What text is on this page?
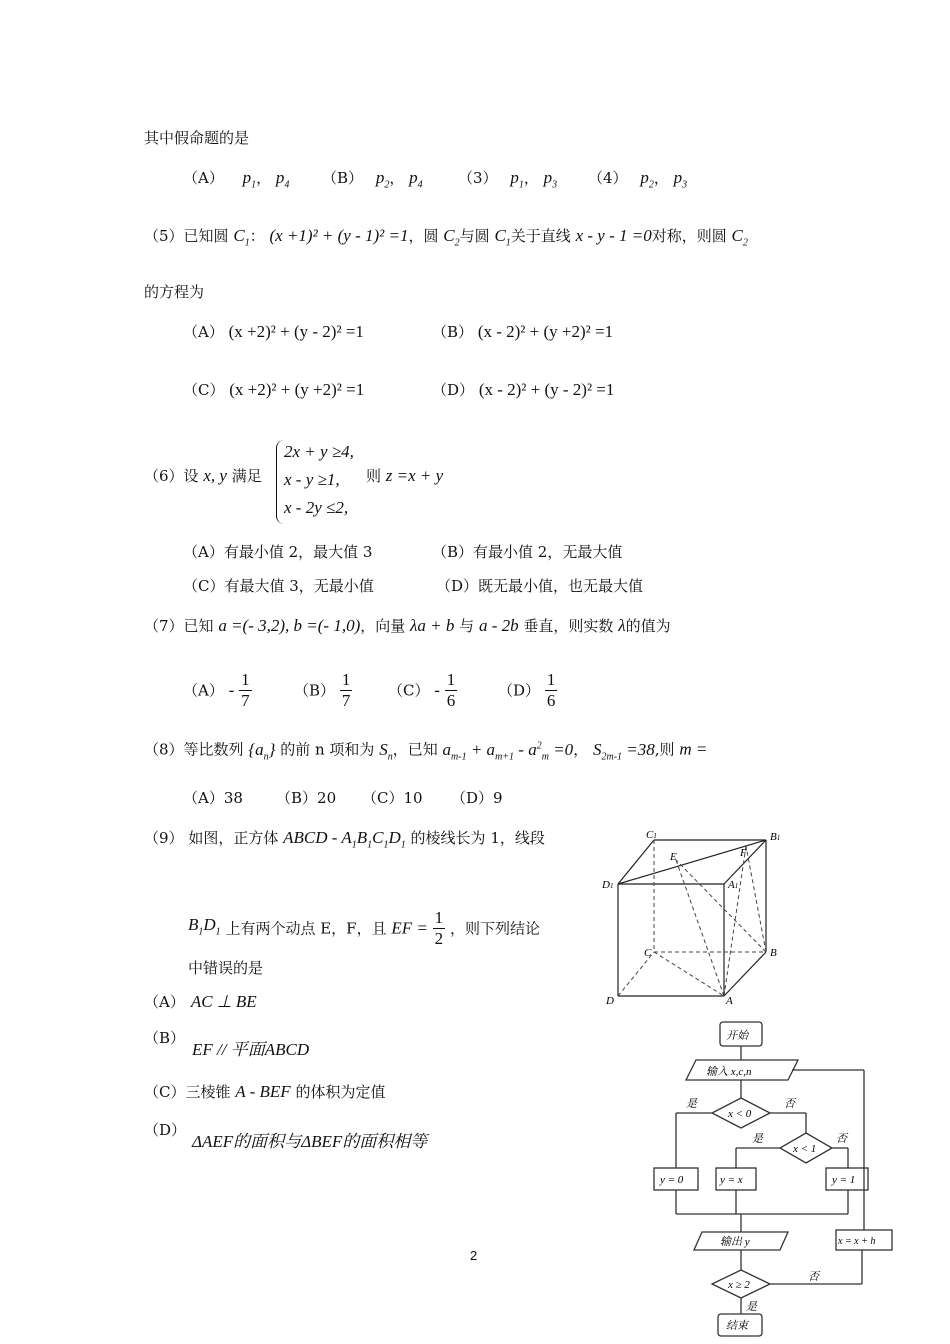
其中假命题的是
（A） $p_1$， $p_4$ （B） $p_2$， $p_4$ （3） $p_1$， $p_3$ （4） $p_2$， $p_3$
（5）已知圆 $C_1$： (x +1)² + (y - 1)² =1，圆 $C_2$与圆 $C_1$关于直线 x - y - 1 =0对称，则圆 $C_2$
的方程为
（A） (x +2)² + (y - 2)² =1	（B） (x - 2)² + (y +2)² =1
（C） (x +2)² + (y +2)² =1	（D） (x - 2)² + (y - 2)² =1
（6）设 x, y 满足
2x + y ≥4,
x - y ≥1,
x - 2y ≤2,
则 z =x + y
（A）有最小值 2，最大值 3	（B）有最小值 2，无最大值
（C）有最大值 3，无最小值	（D）既无最小值，也无最大值
（7）已知 a =(- 3,2), b =(- 1,0)，向量 λa + b 与 a - 2b 垂直，则实数 λ的值为
$(A) - \frac{1}{7}$	$(B) \frac{1}{7} (C) - \frac{1}{6}$	$(D) \frac{1}{6}$
（8）等比数列 $\{a_n\}$ 的前 n 项和为 $S_n$，已知 $a_{m-1} + a_{m+1} - a^2_m =0$， $S_{2m-1} =38$,则 m =
（A）38 （B）20 （C）10 （D）9
（9） 如图，正方体 ABCD - $A_1B_1C_1D_1$ 的棱线长为 1，线段
$B_1D_1$ 上有两个动点 E，F，且 EF = $\frac{1}{2}$ ，则下列结论
中错误的是
（A） AC ⊥ BE
（B）
EF // 平面ABCD
（C）三棱锥 A - BEF 的体积为定值
（D）
ΔAEF的面积与ΔBEF的面积相等
C1	B1
E	F
D1	A1
C	B
D	A
开始
输入 x,c,n
x < 0
是	否
x < 1
是	否
y = 0	y = x	y = 1
输出 y	x = x + h
x ≥ 2
否
是
结束
2
